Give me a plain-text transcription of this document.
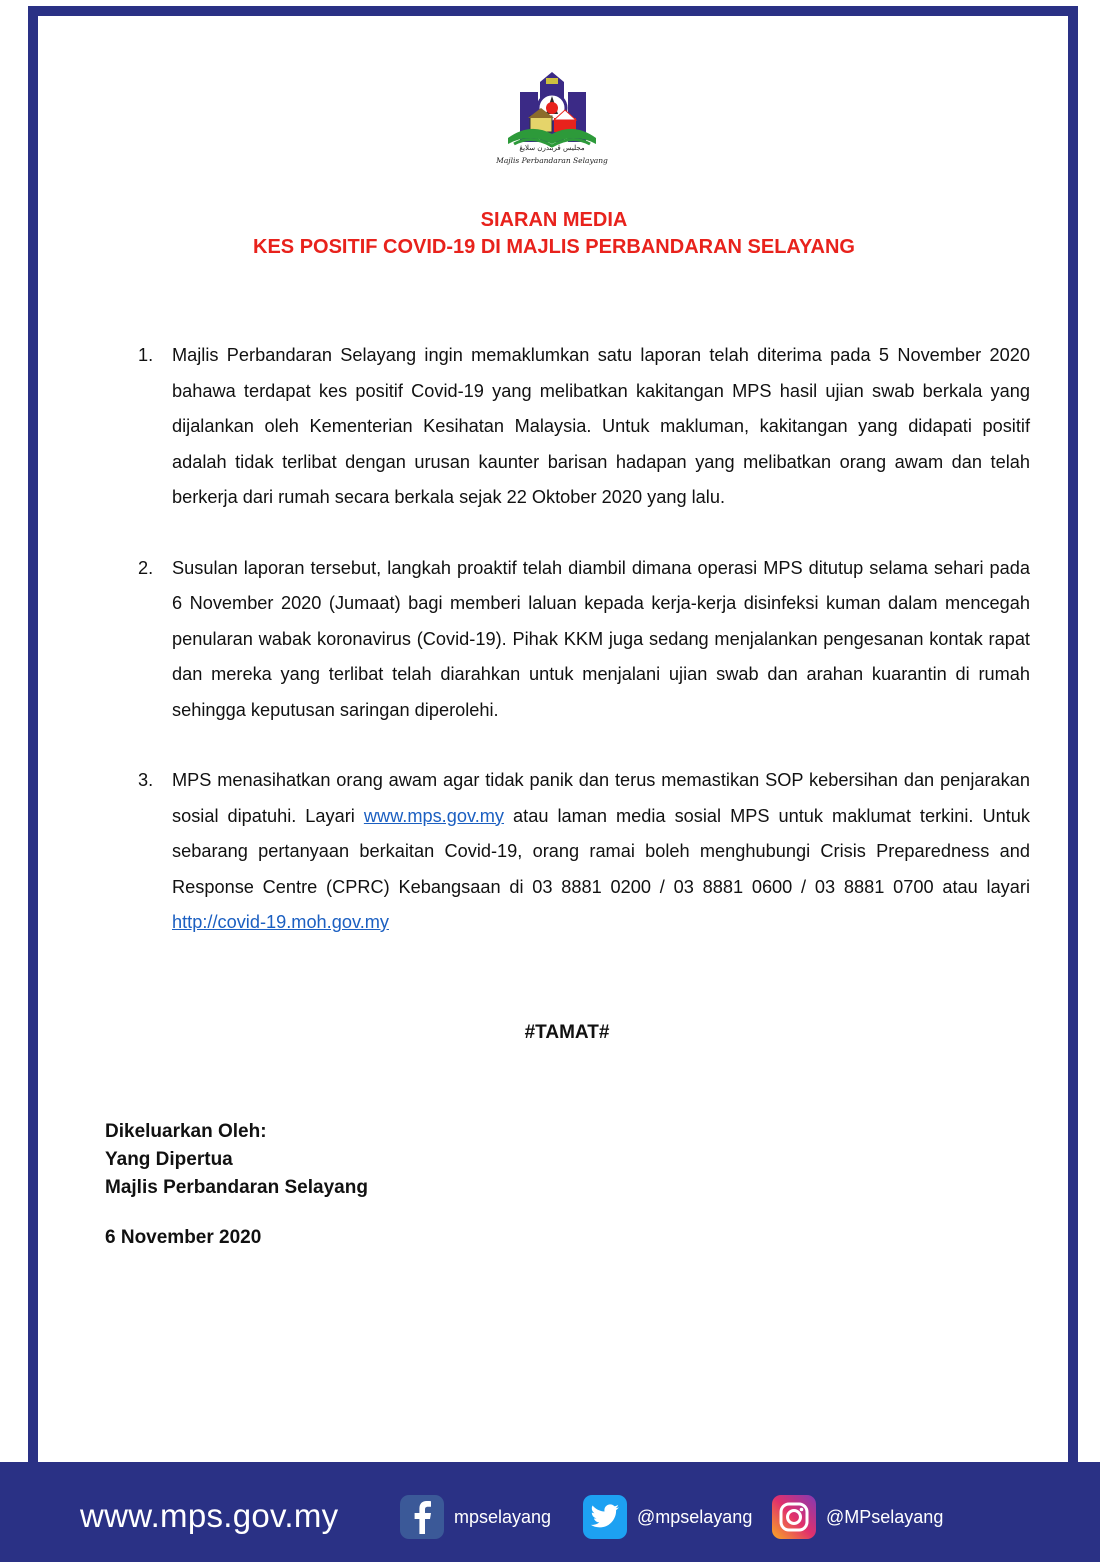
مجليس ڤربندرن سلايڠ
Majlis Perbandaran Selayang
SIARAN MEDIA
KES POSITIF COVID-19 DI MAJLIS PERBANDARAN SELAYANG
1. Majlis Perbandaran Selayang ingin memaklumkan satu laporan telah diterima pada 5 November 2020 bahawa terdapat kes positif Covid-19 yang melibatkan kakitangan MPS hasil ujian swab berkala yang dijalankan oleh Kementerian Kesihatan Malaysia. Untuk makluman, kakitangan yang didapati positif adalah tidak terlibat dengan urusan kaunter barisan hadapan yang melibatkan orang awam dan telah berkerja dari rumah secara berkala sejak 22 Oktober 2020 yang lalu.
2. Susulan laporan tersebut, langkah proaktif telah diambil dimana operasi MPS ditutup selama sehari pada 6 November 2020 (Jumaat) bagi memberi laluan kepada kerja-kerja disinfeksi kuman dalam mencegah penularan wabak koronavirus (Covid-19). Pihak KKM juga sedang menjalankan pengesanan kontak rapat dan mereka yang terlibat telah diarahkan untuk menjalani ujian swab dan arahan kuarantin di rumah sehingga keputusan saringan diperolehi.
3. MPS menasihatkan orang awam agar tidak panik dan terus memastikan SOP kebersihan dan penjarakan sosial dipatuhi. Layari www.mps.gov.my atau laman media sosial MPS untuk maklumat terkini. Untuk sebarang pertanyaan berkaitan Covid-19, orang ramai boleh menghubungi Crisis Preparedness and Response Centre (CPRC) Kebangsaan di 03 8881 0200 / 03 8881 0600 / 03 8881 0700 atau layari http://covid-19.moh.gov.my
#TAMAT#
Dikeluarkan Oleh:
Yang Dipertua
Majlis Perbandaran Selayang
6 November 2020
www.mps.gov.my	mpselayang	@mpselayang	@MPselayang
